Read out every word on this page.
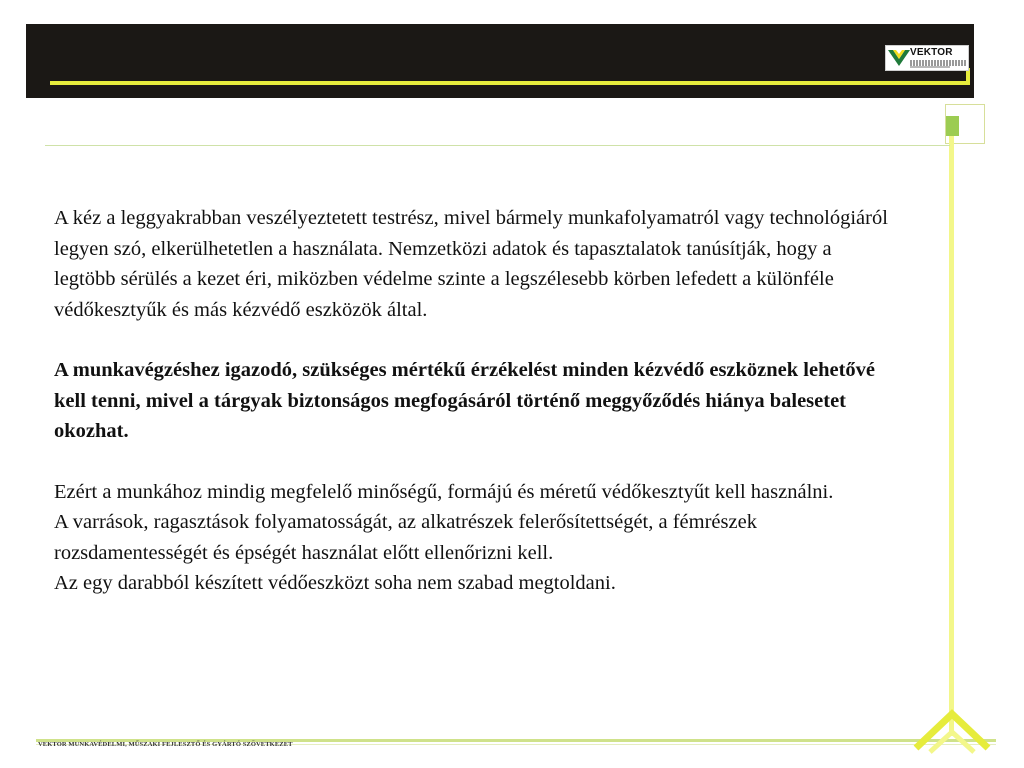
VEKTOR

A kéz a leggyakrabban veszélyeztetett testrész, mivel bármely munkafolyamatról vagy technológiáról legyen szó, elkerülhetetlen a használata. Nemzetközi adatok és tapasztalatok tanúsítják, hogy a legtöbb sérülés a kezet éri, miközben védelme szinte a legszélesebb körben lefedett a különféle védőkesztyűk és más kézvédő eszközök által.

A munkavégzéshez igazodó, szükséges mértékű érzékelést minden kézvédő eszköznek lehetővé kell tenni, mivel a tárgyak biztonságos megfogásáról történő meggyőződés hiánya balesetet okozhat.

Ezért a munkához mindig megfelelő minőségű, formájú és méretű védőkesztyűt kell használni.

A varrások, ragasztások folyamatosságát, az alkatrészek felerősítettségét, a fémrészek rozsdamentességét és épségét használat előtt ellenőrizni kell.

Az egy darabból készített védőeszközt soha nem szabad megtoldani.

VEKTOR MUNKAVÉDELMI, MŰSZAKI FEJLESZTŐ ÉS GYÁRTÓ SZÖVETKEZET
